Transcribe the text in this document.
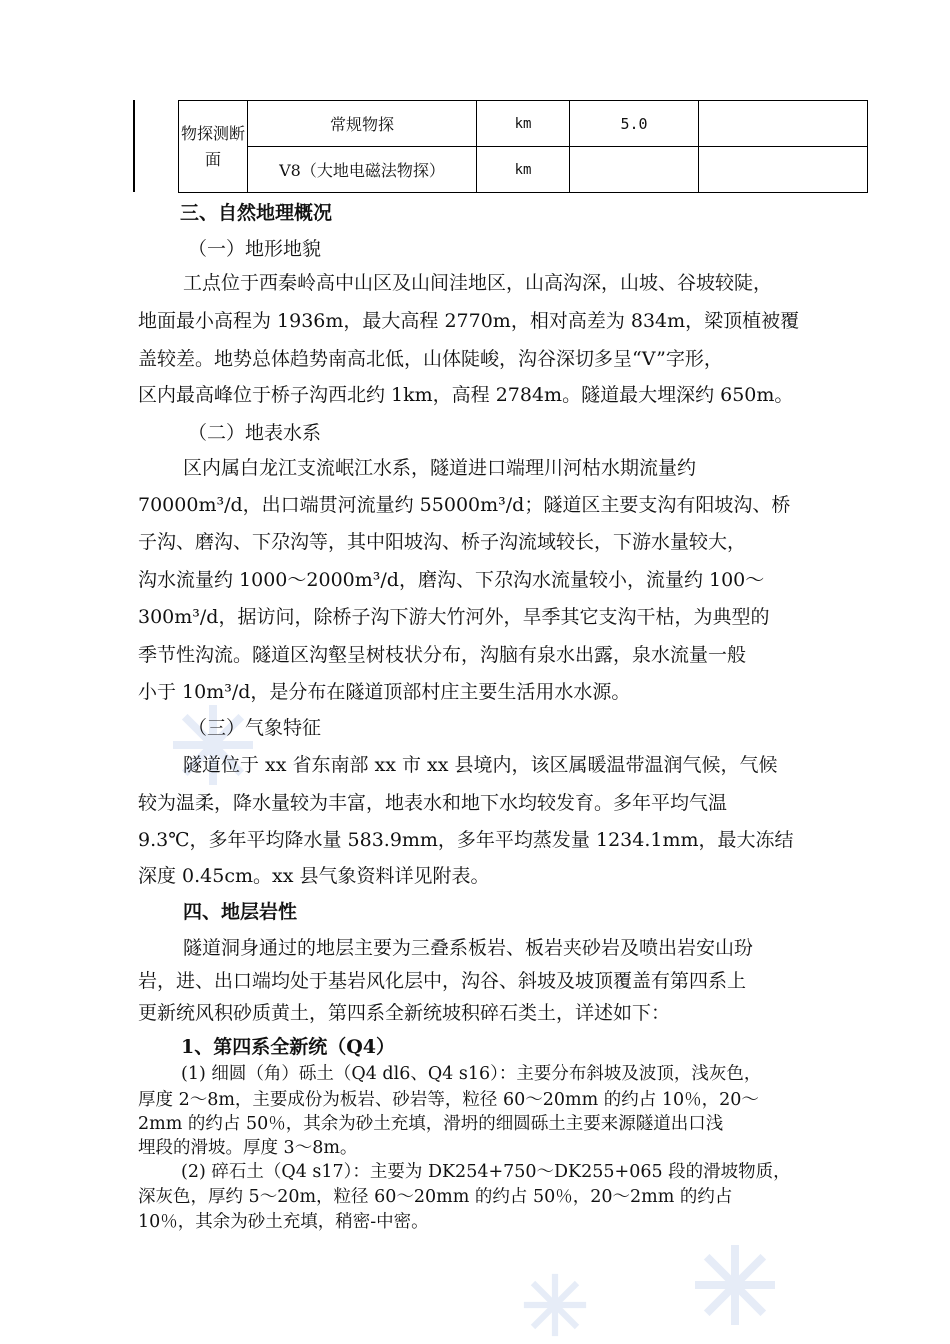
物探测断面	常规物探	km	5.0	
	V8（大地电磁法物探）	km		
三、自然地理概况
（一）地形地貌
工点位于西秦岭高中山区及山间洼地区，山高沟深，山坡、谷坡较陡，
地面最小高程为 1936m，最大高程 2770m，相对高差为 834m，梁顶植被覆
盖较差。地势总体趋势南高北低，山体陡峻，沟谷深切多呈“V”字形，
区内最高峰位于桥子沟西北约 1km，高程 2784m。隧道最大埋深约 650m。
（二）地表水系
区内属白龙江支流岷江水系，隧道进口端理川河枯水期流量约
70000m³/d，出口端贯河流量约 55000m³/d；隧道区主要支沟有阳坡沟、桥
子沟、磨沟、下尕沟等，其中阳坡沟、桥子沟流域较长，下游水量较大，
沟水流量约 1000～2000m³/d，磨沟、下尕沟水流量较小，流量约 100～
300m³/d，据访问，除桥子沟下游大竹河外，旱季其它支沟干枯，为典型的
季节性沟流。隧道区沟壑呈树枝状分布，沟脑有泉水出露，泉水流量一般
小于 10m³/d，是分布在隧道顶部村庄主要生活用水水源。
（三）气象特征
隧道位于 xx 省东南部 xx 市 xx 县境内，该区属暖温带温润气候，气候
较为温柔，降水量较为丰富，地表水和地下水均较发育。多年平均气温
9.3℃，多年平均降水量 583.9mm，多年平均蒸发量 1234.1mm，最大冻结
深度 0.45cm。xx 县气象资料详见附表。
四、地层岩性
隧道洞身通过的地层主要为三叠系板岩、板岩夹砂岩及喷出岩安山玢
岩，进、出口端均处于基岩风化层中，沟谷、斜坡及坡顶覆盖有第四系上
更新统风积砂质黄土，第四系全新统坡积碎石类土，详述如下：
1、第四系全新统（Q4）
(1) 细圆（角）砾土（Q4 dl6、Q4 s16）：主要分布斜坡及波顶，浅灰色，
厚度 2～8m，主要成份为板岩、砂岩等，粒径 60～20mm 的约占 10％，20～
2mm 的约占 50％，其余为砂土充填，滑坍的细圆砾土主要来源隧道出口浅
埋段的滑坡。厚度 3～8m。
(2) 碎石土（Q4 s17）：主要为 DK254+750～DK255+065 段的滑坡物质，
深灰色，厚约 5～20m，粒径 60～20mm 的约占 50％，20～2mm 的约占
10％，其余为砂土充填，稍密-中密。
